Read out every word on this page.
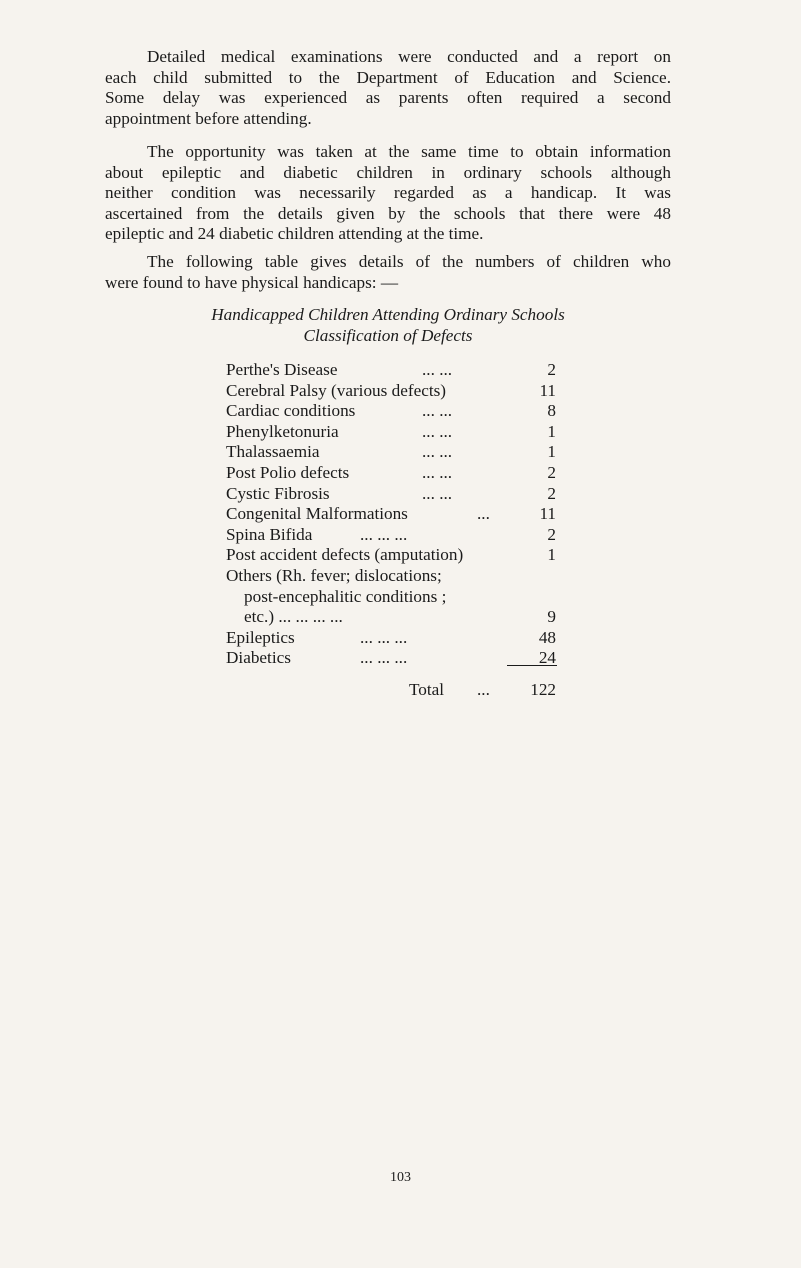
Detailed medical examinations were conducted and a report on
each child submitted to the Department of Education and Science.
Some delay was experienced as parents often required a second
appointment before attending.

The opportunity was taken at the same time to obtain information
about epileptic and diabetic children in ordinary schools although
neither condition was necessarily regarded as a handicap. It was
ascertained from the details given by the schools that there were 48
epileptic and 24 diabetic children attending at the time.

The following table gives details of the numbers of children who
were found to have physical handicaps: —

Handicapped Children Attending Ordinary Schools
Classification of Defects
Perthe's Disease	... ...	2
Cerebral Palsy (various defects)	11
Cardiac conditions	... ...	8
Phenylketonuria	... ...	1
Thalassaemia	... ...	1
Post Polio defects	... ...	2
Cystic Fibrosis	... ...	2
Congenital Malformations	...	11
Spina Bifida	... ... ...	2
Post accident defects (amputation)	1
Others (Rh. fever; dislocations;
post-encephalitic conditions ;
etc.) ... ... ... ...	9
Epileptics	... ... ...	48
Diabetics	... ... ...	24
Total ... 122
103
